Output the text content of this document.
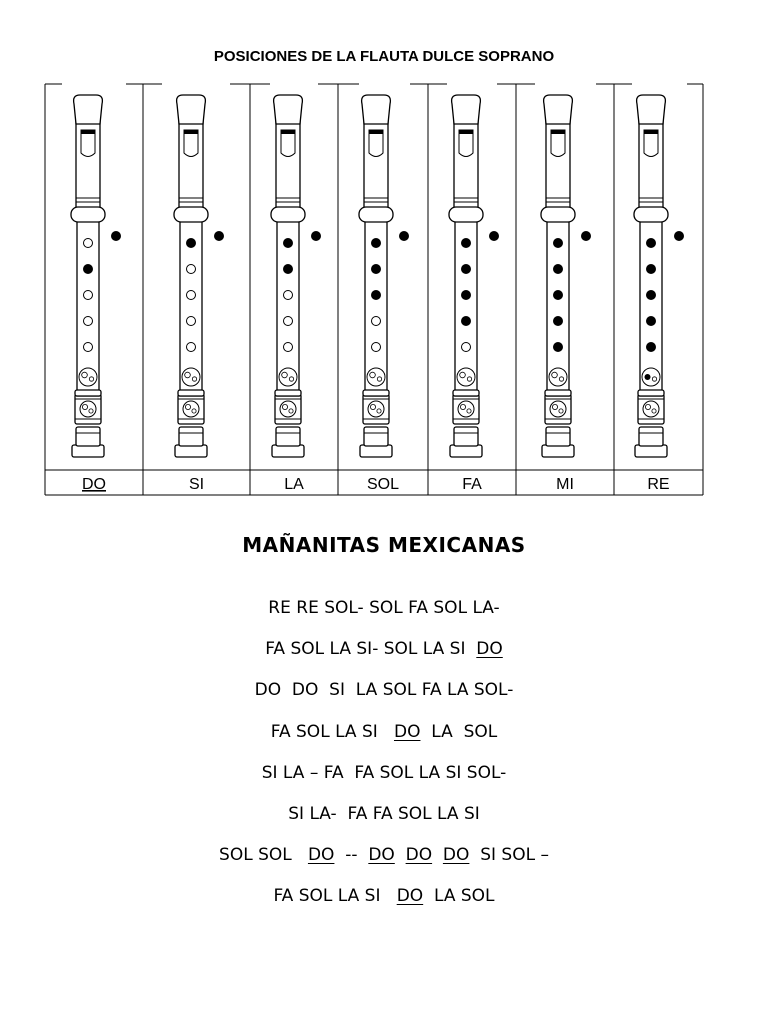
POSICIONES DE LA FLAUTA DULCE SOPRANO
DO	SI	LA	SOL	FA	MI	RE
MAÑANITAS MEXICANAS
RE RE SOL- SOL FA SOL LA-
FA SOL LA SI- SOL LA SI  DO
DO  DO  SI  LA SOL FA LA SOL-
FA SOL LA SI   DO  LA  SOL
SI LA – FA  FA SOL LA SI SOL-
SI LA-  FA FA SOL LA SI
SOL SOL   DO  --  DO DO DO  SI SOL –
FA SOL LA SI   DO  LA SOL
